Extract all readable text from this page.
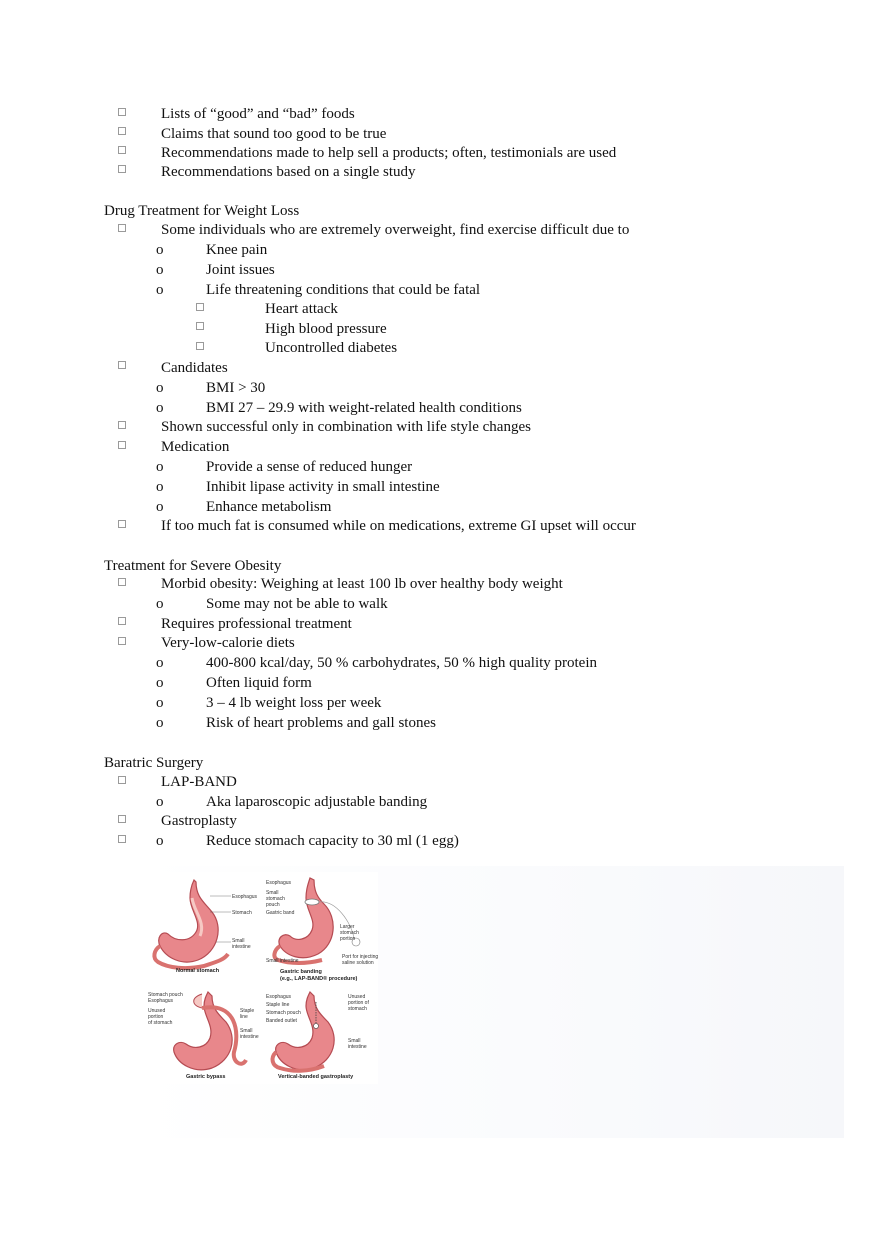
Lists of “good” and “bad” foods
Claims that sound too good to be true
Recommendations made to help sell a products; often, testimonials are used
Recommendations based on a single study
Drug Treatment for Weight Loss
Some individuals who are extremely overweight, find exercise difficult due to
o	Knee pain
o	Joint issues
o	Life threatening conditions that could be fatal
Heart attack
High blood pressure
Uncontrolled diabetes
Candidates
o	BMI > 30
o	BMI 27 – 29.9 with weight-related health conditions
Shown successful only in combination with life style changes
Medication
o	Provide a sense of reduced hunger
o	Inhibit lipase activity in small intestine
o	Enhance metabolism
If too much fat is consumed while on medications, extreme GI upset will occur
Treatment for Severe Obesity
Morbid obesity: Weighing at least 100 lb over healthy body weight
o	Some may not be able to walk
Requires professional treatment
Very-low-calorie diets
o	400-800 kcal/day, 50 % carbohydrates, 50 % high quality protein
o	Often liquid form
o	3 – 4 lb weight loss per week
o	Risk of heart problems and gall stones
Baratric Surgery
LAP-BAND
o	Aka laparoscopic adjustable banding
Gastroplasty
o	Reduce stomach capacity to 30 ml (1 egg)
Esophagus
Stomach
Small
intestine
Normal stomach
Esophagus
Small
stomach
pouch
Gastric band
Larger
stomach
portion
Small intestine
Port for injecting
saline solution
Gastric banding
(e.g., LAP-BAND® procedure)
Stomach pouch
Esophagus
Unused
portion
of stomach
Staple
line
Small
intestine
Gastric bypass
Esophagus
Staple line
Stomach pouch
Banded outlet
Unused
portion of
stomach
Small
intestine
Vertical-banded gastroplasty
